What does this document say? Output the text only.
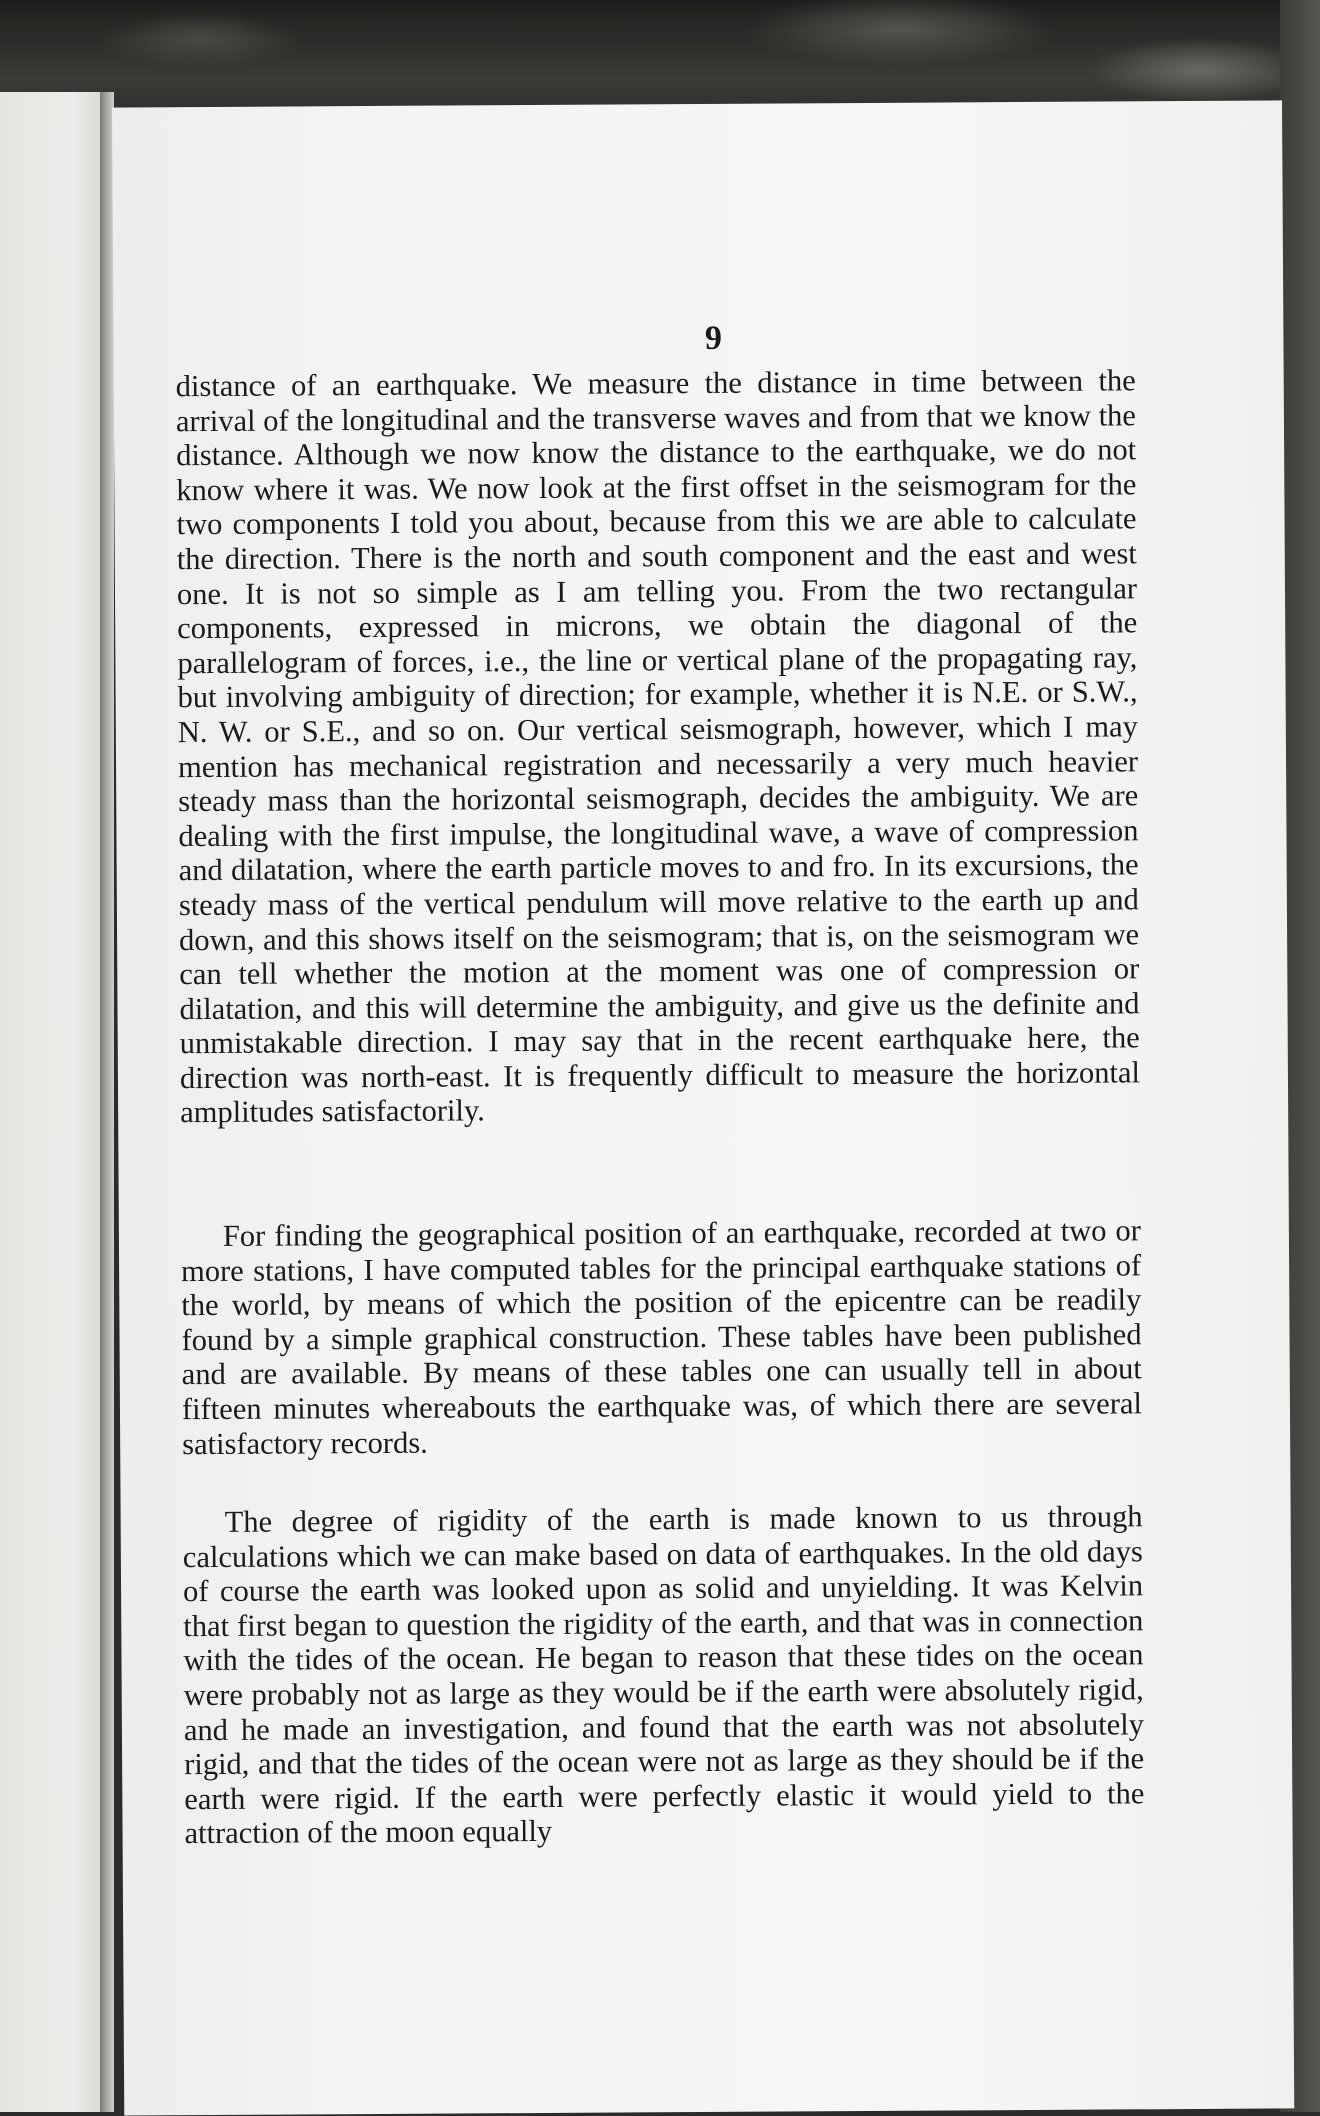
9

distance of an earthquake. We measure the distance in time between the arrival of the longitudinal and the transverse waves and from that we know the distance. Although we now know the distance to the earthquake, we do not know where it was. We now look at the first offset in the seismogram for the two components I told you about, because from this we are able to calculate the direction. There is the north and south component and the east and west one. It is not so simple as I am telling you. From the two rectangular components, expressed in microns, we obtain the diagonal of the parallelogram of forces, i.e., the line or vertical plane of the propagating ray, but involving ambiguity of direction; for example, whether it is N.E. or S.W., N. W. or S.E., and so on. Our vertical seismograph, however, which I may mention has mechanical registration and necessarily a very much heavier steady mass than the horizontal seismograph, decides the ambiguity. We are dealing with the first impulse, the longitudinal wave, a wave of compression and dilatation, where the earth particle moves to and fro. In its excursions, the steady mass of the vertical pendulum will move relative to the earth up and down, and this shows itself on the seismogram; that is, on the seismogram we can tell whether the motion at the moment was one of compression or dilatation, and this will determine the ambiguity, and give us the definite and unmistakable direction. I may say that in the recent earthquake here, the direction was north-east. It is frequently difficult to measure the horizontal amplitudes satisfactorily.

For finding the geographical position of an earthquake, recorded at two or more stations, I have computed tables for the principal earthquake stations of the world, by means of which the position of the epicentre can be readily found by a simple graphical construction. These tables have been published and are available. By means of these tables one can usually tell in about fifteen minutes whereabouts the earthquake was, of which there are several satisfactory records.

The degree of rigidity of the earth is made known to us through calculations which we can make based on data of earthquakes. In the old days of course the earth was looked upon as solid and unyielding. It was Kelvin that first began to question the rigidity of the earth, and that was in connection with the tides of the ocean. He began to reason that these tides on the ocean were probably not as large as they would be if the earth were absolutely rigid, and he made an investigation, and found that the earth was not absolutely rigid, and that the tides of the ocean were not as large as they should be if the earth were rigid. If the earth were perfectly elastic it would yield to the attraction of the moon equally
